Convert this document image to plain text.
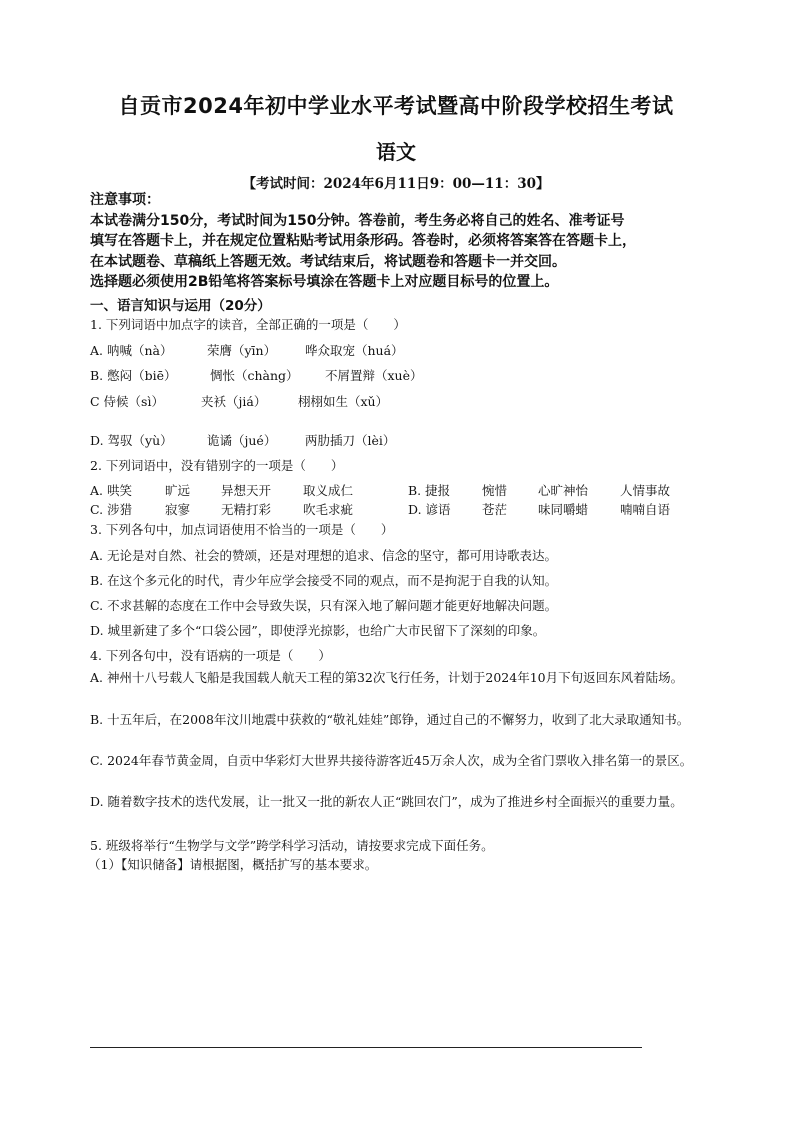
自贡市2024年初中学业水平考试暨高中阶段学校招生考试
语文
【考试时间：2024年6月11日9：00—11：30】

注意事项：

本试卷满分150分，考试时间为150分钟。答卷前，考生务必将自己的姓名、准考证号

填写在答题卡上，并在规定位置粘贴考试用条形码。答卷时，必须将答案答在答题卡上，

在本试题卷、草稿纸上答题无效。考试结束后，将试题卷和答题卡一并交回。

选择题必须使用2B铅笔将答案标号填涂在答题卡上对应题目标号的位置上。

一、语言知识与运用（20分）
1. 下列词语中加点字的读音，全部正确的一项是（　　）
A. 呐喊（nà）	荣膺（yīn） 哗众取宠（huá）
B. 憋闷（biē）	惆怅（chàng） 不屑置辩（xuè）
C 侍候（sì）	夹袄（jiá）	栩栩如生（xǔ）
D. 驾驭（yù）	诡谲（jué） 两肋插刀（lèi）
2. 下列词语中，没有错别字的一项是（　　）
A. 哄笑	旷远 异想天开	取义成仁	B. 捷报	惋惜 心旷神怡	人情事故
C. 涉猎	寂寥 无精打彩	吹毛求疵	D. 谚语	苍茫 味同嚼蜡	喃喃自语
3. 下列各句中，加点词语使用不恰当的一项是（　　）
A. 无论是对自然、社会的赞颂，还是对理想的追求、信念的坚守，都可用诗歌表达。
B. 在这个多元化的时代，青少年应学会接受不同的观点，而不是拘泥于自我的认知。
C. 不求甚解的态度在工作中会导致失误，只有深入地了解问题才能更好地解决问题。
D. 城里新建了多个“口袋公园”，即使浮光掠影，也给广大市民留下了深刻的印象。
4. 下列各句中，没有语病的一项是（　　）
A. 神州十八号载人飞船是我国载人航天工程的第32次飞行任务，计划于2024年10月下旬返回东风着陆场。
B. 十五年后，在2008年汶川地震中获救的“敬礼娃娃”郎铮，通过自己的不懈努力，收到了北大录取通知书。
C. 2024年春节黄金周，自贡中华彩灯大世界共接待游客近45万余人次，成为全省门票收入排名第一的景区。
D. 随着数字技术的迭代发展，让一批又一批的新农人正“跳回农门”，成为了推进乡村全面振兴的重要力量。
5. 班级将举行“生物学与文学”跨学科学习活动，请按要求完成下面任务。
（1）【知识储备】请根据图，概括扩写的基本要求。
